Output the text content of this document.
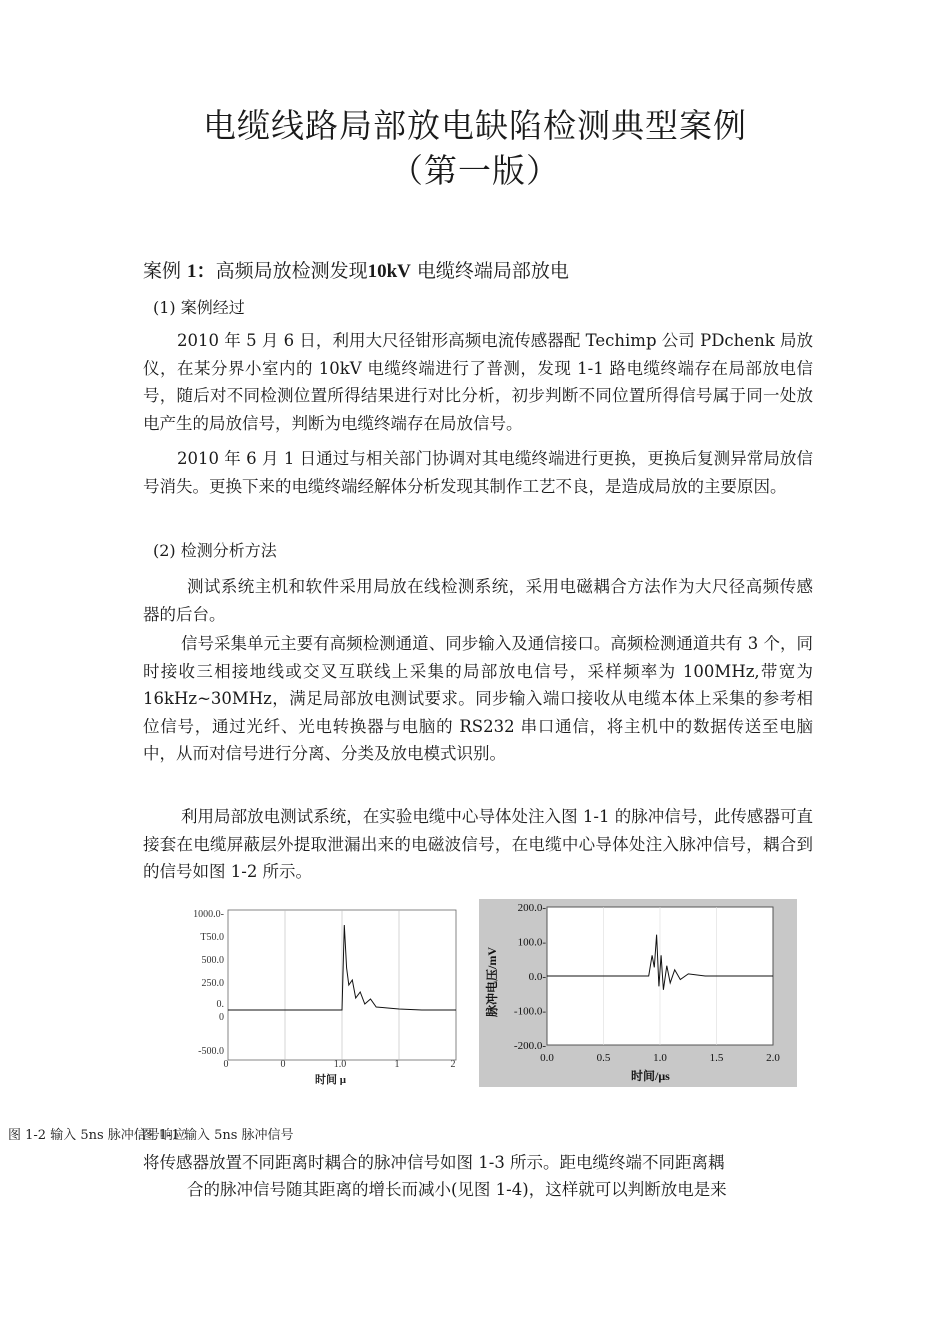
电缆线路局部放电缺陷检测典型案例
（第一版）
案例 1：高频局放检测发现10kV 电缆终端局部放电
(1) 案例经过

2010 年 5 月 6 日，利用大尺径钳形高频电流传感器配 Techimp 公司 PDchenk 局放仪，在某分界小室内的 10kV 电缆终端进行了普测，发现 1-1 路电缆终端存在局部放电信号，随后对不同检测位置所得结果进行对比分析，初步判断不同位置所得信号属于同一处放电产生的局放信号，判断为电缆终端存在局放信号。

2010 年 6 月 1 日通过与相关部门协调对其电缆终端进行更换，更换后复测异常局放信号消失。更换下来的电缆终端经解体分析发现其制作工艺不良，是造成局放的主要原因。

(2) 检测分析方法

测试系统主机和软件采用局放在线检测系统，采用电磁耦合方法作为大尺径高频传感器的后台。

信号采集单元主要有高频检测通道、同步输入及通信接口。高频检测通道共有 3 个，同时接收三相接地线或交叉互联线上采集的局部放电信号，采样频率为 100MHz,带宽为 16kHz~30MHz，满足局部放电测试要求。同步输入端口接收从电缆本体上采集的参考相位信号，通过光纤、光电转换器与电脑的 RS232 串口通信，将主机中的数据传送至电脑中，从而对信号进行分离、分类及放电模式识别。

利用局部放电测试系统，在实验电缆中心导体处注入图 1-1 的脉冲信号，此传感器可直接套在电缆屏蔽层外提取泄漏出来的电磁波信号，在电缆中心导体处注入脉冲信号，耦合到的信号如图 1-2 所示。

1000.0-
T50.0
500.0
250.0
0.
0
-500.0
0	0	1.0	1	2
时间 μ
200.0-
100.0-
0.0-
-100.0-
-200.0-
0.0	0.5	1.0	1.5	2.0
时间/μs
脉冲电压/mV
图 1-2 输入 5ns 脉冲信号响应图 1-1 输入 5ns 脉冲信号

将传感器放置不同距离时耦合的脉冲信号如图 1-3 所示。距电缆终端不同距离耦

合的脉冲信号随其距离的增长而减小(见图 1-4)，这样就可以判断放电是来
